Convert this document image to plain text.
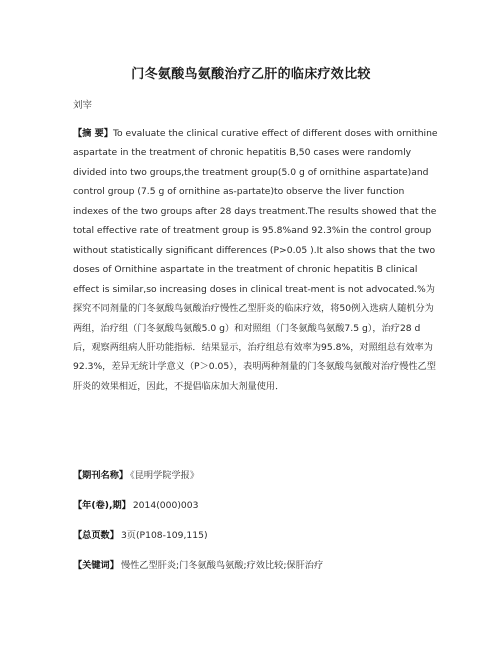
门冬氨酸鸟氨酸治疗乙肝的临床疗效比较
刘宰

【摘 要】To evaluate the clinical curative effect of different doses with ornithine aspartate in the treatment of chronic hepatitis B,50 cases were randomly divided into two groups,the treatment group(5.0 g of ornithine aspartate)and control group (7.5 g of ornithine as-partate)to observe the liver function indexes of the two groups after 28 days treatment.The results showed that the total effective rate of treatment group is 95.8%and 92.3%in the control group without statistically significant differences (P>0.05 ).It also shows that the two doses of Ornithine aspartate in the treatment of chronic hepatitis B clinical effect is similar,so increasing doses in clinical treat-ment is not advocated.%为探究不同剂量的门冬氨酸鸟氨酸治疗慢性乙型肝炎的临床疗效，将50例入选病人随机分为两组，治疗组（门冬氨酸鸟氨酸5.0 g）和对照组（门冬氨酸鸟氨酸7.5 g），治疗28 d后，观察两组病人肝功能指标．结果显示，治疗组总有效率为95.8%，对照组总有效率为92.3%，差异无统计学意义（P＞0.05），表明两种剂量的门冬氨酸鸟氨酸对治疗慢性乙型肝炎的效果相近，因此，不提倡临床加大剂量使用．

【期刊名称】 《昆明学院学报》
【年(卷),期】 2014(000)003
【总页数】 3页(P108-109,115)
【关键词】 慢性乙型肝炎;门冬氨酸鸟氨酸;疗效比较;保肝治疗
